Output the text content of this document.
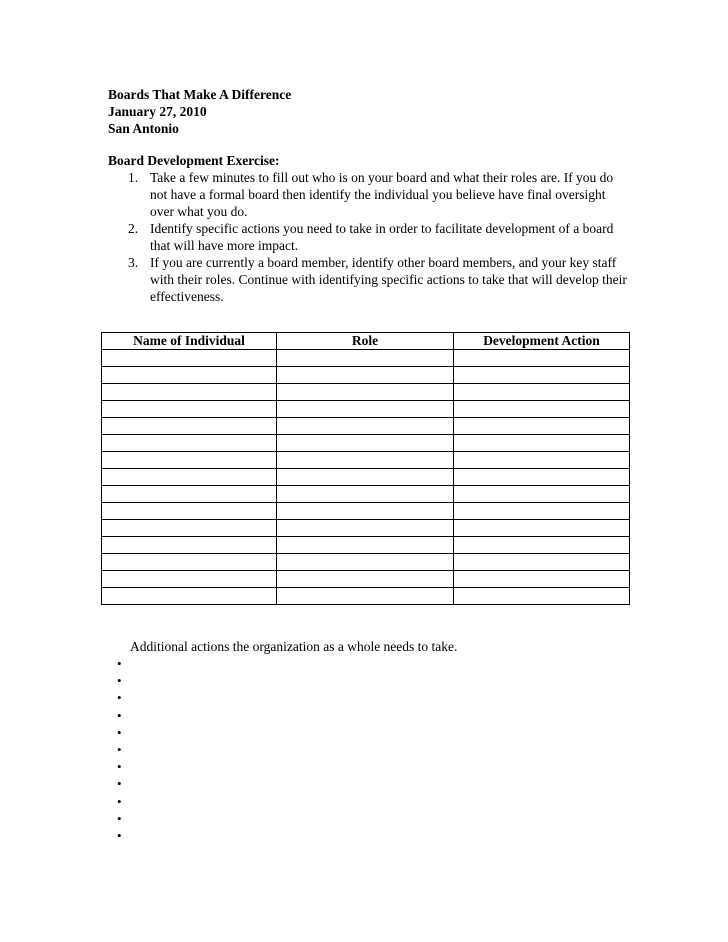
Boards That Make A Difference
January 27, 2010
San Antonio
Board Development Exercise:
1. Take a few minutes to fill out who is on your board and what their roles are. If you do not have a formal board then identify the individual you believe have final oversight over what you do.
2. Identify specific actions you need to take in order to facilitate development of a board that will have more impact.
3. If you are currently a board member, identify other board members, and your key staff with their roles. Continue with identifying specific actions to take that will develop their effectiveness.
Name of Individual	Role	Development Action

Additional actions the organization as a whole needs to take.
•
•
•
•
•
•
•
•
•
•
•
